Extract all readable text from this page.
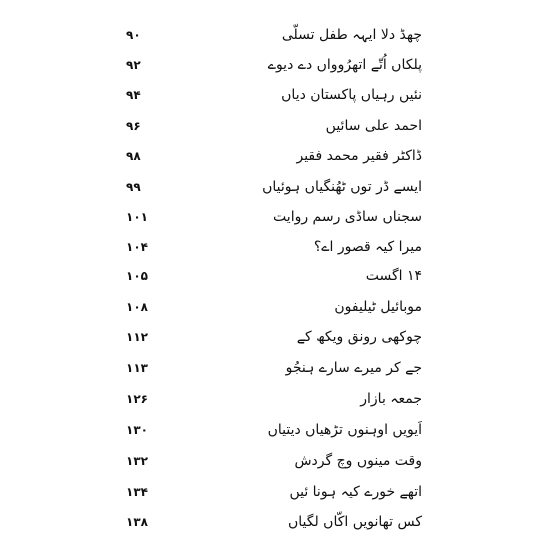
چھڈ دلا ایہہ طفل تسلّی
۹۰
پلکاں اُتّے اتھرُوواں دے دیوے
۹۲
نئیں رہیاں پاکستان دیاں
۹۴
احمد علی سائیں
۹۶
ڈاکٹر فقیر محمد فقیر
۹۸
ایسے ڈر توں ٹھُنگیاں ہوئیاں
۹۹
سجناں ساڈی رسم روایت
۱۰۱
میرا کیہ قصور اے؟
۱۰۴
۱۴ اگست
۱۰۵
موبائیل ٹیلیفون
۱۰۸
چوکھی رونق ویکھ کے
۱۱۲
جے کر میرے سارے ہنجُو
۱۱۳
جمعہ بازار
۱۲۶
اَیویں اوہنوں تڑھیاں دیتیاں
۱۳۰
وقت مینوں وچ گردش
۱۳۲
اتھے خورے کیہ ہونا ئیں
۱۳۴
کس تھانویں اکّاں لگیاں
۱۳۸
